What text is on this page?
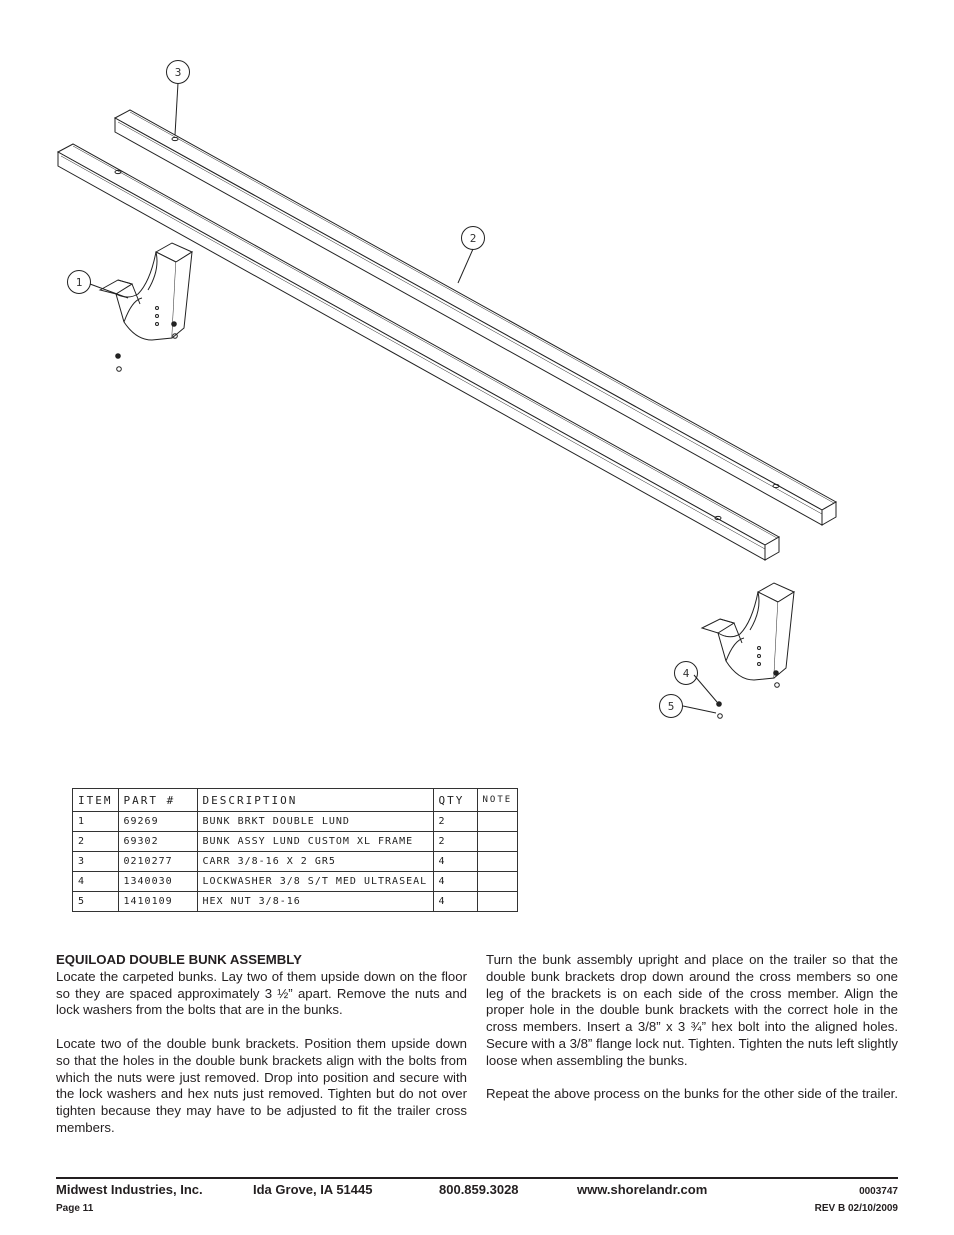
3
2
1
4
5
ITEM	PART #	DESCRIPTION	QTY	NOTE
1	69269	BUNK BRKT DOUBLE LUND	2	
2	69302	BUNK ASSY LUND CUSTOM XL FRAME	2	
3	0210277	CARR 3/8-16 X 2 GR5	4	
4	1340030	LOCKWASHER 3/8 S/T MED ULTRASEAL	4	
5	1410109	HEX NUT 3/8-16	4	
EQUILOAD DOUBLE BUNK ASSEMBLY

Locate the carpeted bunks. Lay two of them upside down on the floor so they are spaced approximately 3 ½” apart. Remove the nuts and lock washers from the bolts that are in the bunks.

Locate two of the double bunk brackets. Position them upside down so that the holes in the double bunk brackets align with the bolts from which the nuts were just removed. Drop into position and secure with the lock washers and hex nuts just removed. Tighten but do not over tighten because they may have to be adjusted to fit the trailer cross members.

Turn the bunk assembly upright and place on the trailer so that the double bunk brackets drop down around the cross members so one leg of the brackets is on each side of the cross member. Align the proper hole in the double bunk brackets with the correct hole in the cross members. Insert a 3/8” x 3 ¾” hex bolt into the aligned holes. Secure with a 3/8” flange lock nut. Tighten. Tighten the nuts left slightly loose when assembling the bunks.

Repeat the above process on the bunks for the other side of the trailer.

Midwest Industries, Inc.	Ida Grove, IA 51445	800.859.3028	www.shorelandr.com	0003747
Page 11	REV B 02/10/2009
